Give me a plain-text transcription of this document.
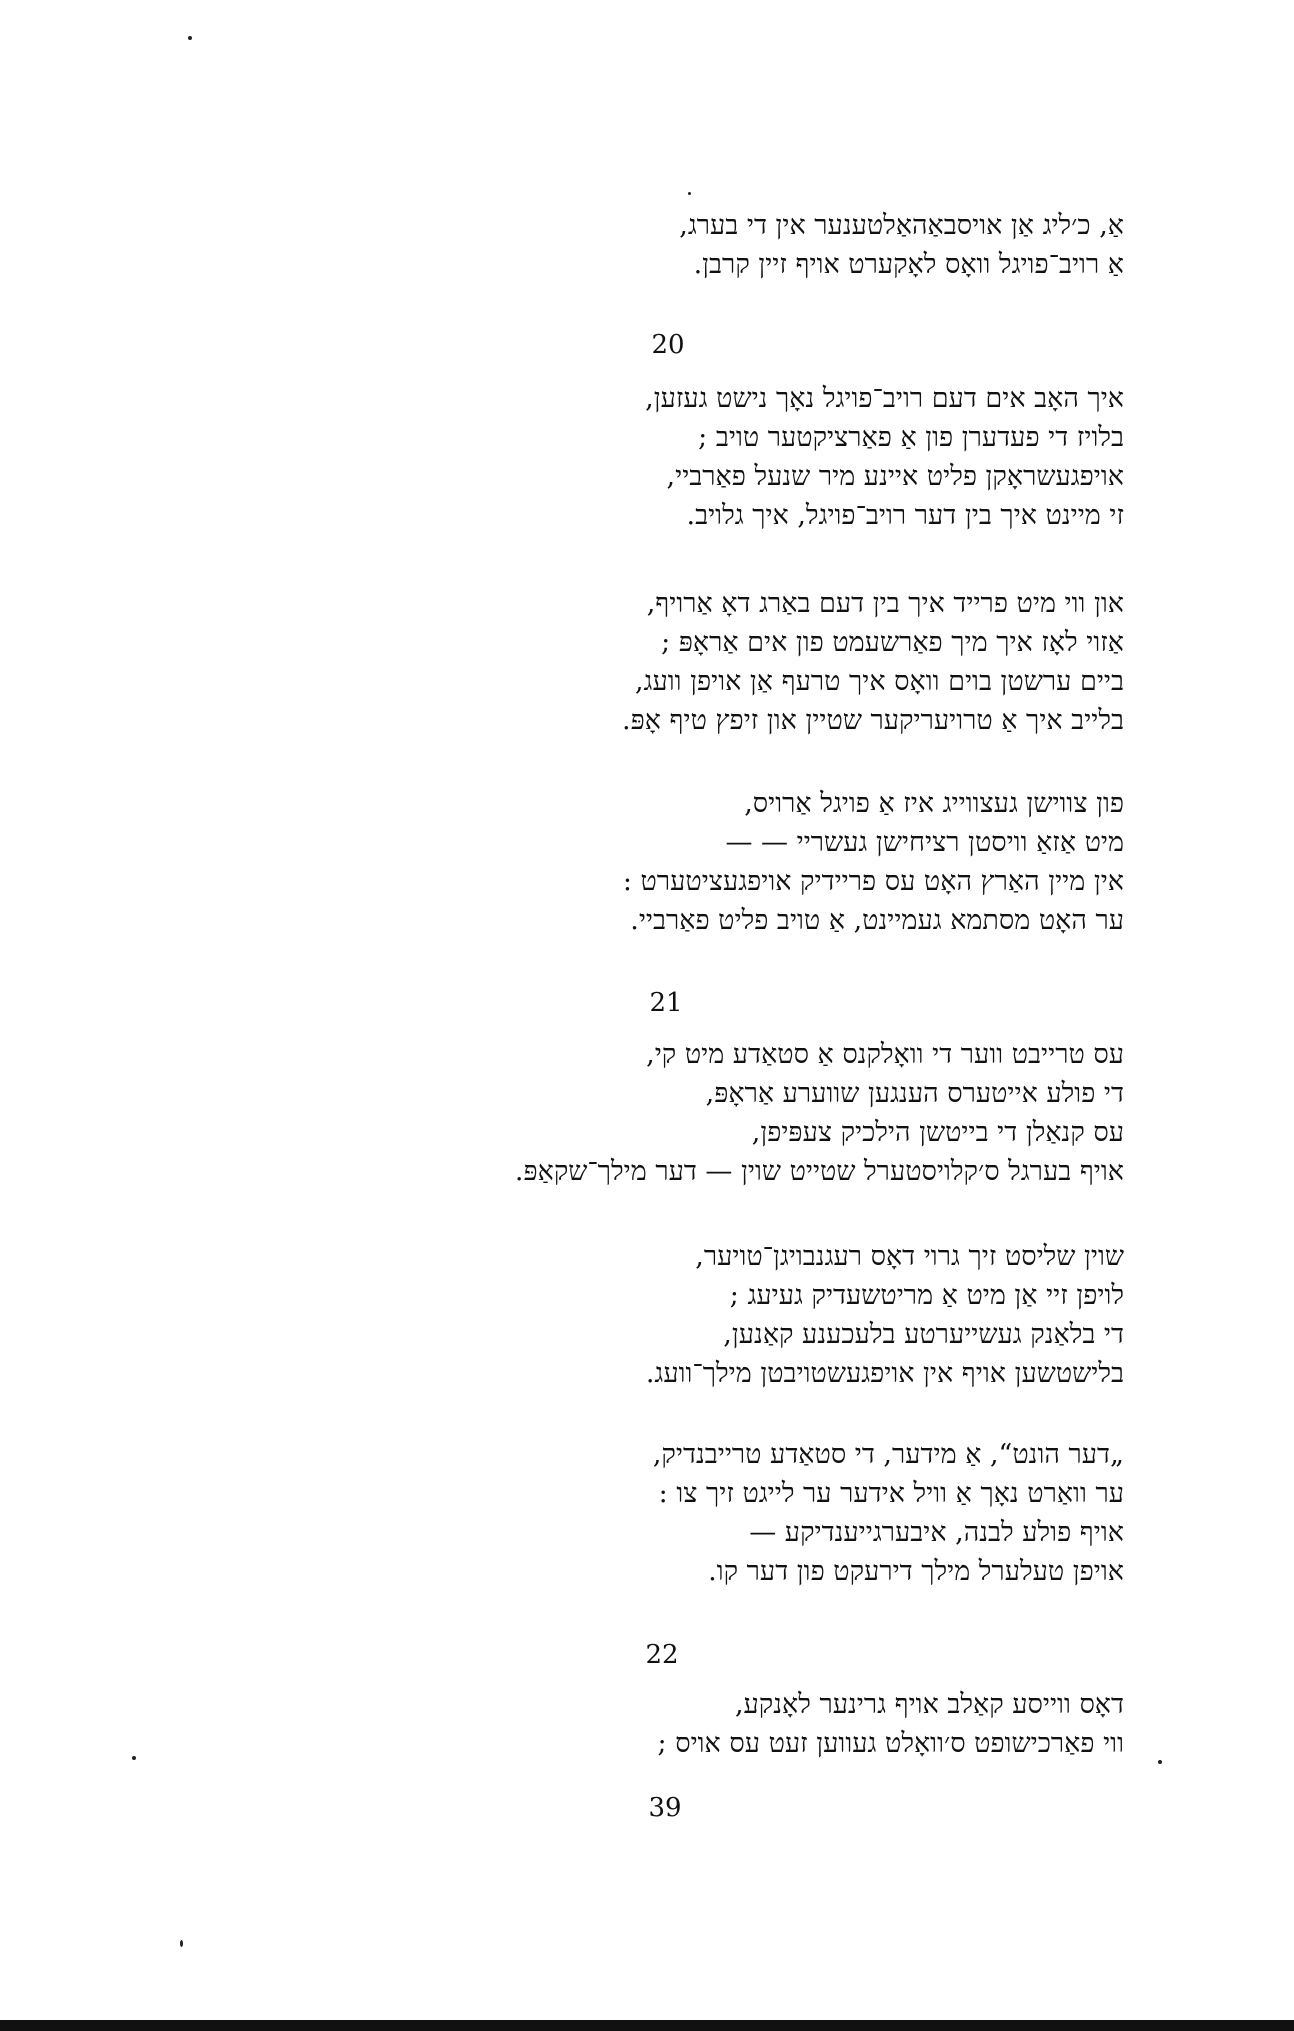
אַ, כ׳ליג אַן אויסבאַהאַלטענער אין די בערג,
אַ רויב־פויגל וואָס לאָקערט אויף זיין קרבן.
20
איך האָב אים דעם רויב־פויגל נאָך נישט געזען,
בלויז די פעדערן פון אַ פאַרציקטער טויב ;
אויפגעשראָקן פליט איינע מיר שנעל פאַרביי,
זי מיינט איך בין דער רויב־פויגל, איך גלויב.
און ווי מיט פרייד איך בין דעם באַרג דאָ אַרויף,
אַזוי לאָז איך מיך פאַרשעמט פון אים אַראָפּ ;
ביים ערשטן בוים וואָס איך טרעף אַן אויפן וועג,
בלייב איך אַ טרויעריקער שטיין און זיפץ טיף אָפּ.
פון צווישן געצווייג איז אַ פויגל אַרויס,
מיט אַזאַ וויסטן רציחישן געשריי — —
אין מיין האַרץ האָט עס פריידיק אויפגעציטערט :
ער האָט מסתמא געמיינט, אַ טויב פליט פאַרביי.
21
עס טרייבט ווער די וואָלקנס אַ סטאַדע מיט קי,
די פולע אייטערס הענגען שווערע אַראָפּ,
עס קנאַלן די בייטשן הילכיק צעפּיפן,
אויף בערגל ס׳קלויסטערל שטייט שוין — דער מילך־שקאַפּ.
שוין שליסט זיך גרוי דאָס רעגנבויגן־טויער,
לויפן זיי אַן מיט אַ מריטשעדיק געיעג ;
די בלאַנק געשייערטע בלעכענע קאַנען,
בלישטשען אויף אין אויפגעשטויבטן מילך־וועג.
„דער הונט“, אַ מידער, די סטאַדע טרייבנדיק,
ער וואַרט נאָך אַ וויל אידער ער לייגט זיך צו :
אויף פולע לבנה, איבערגייענדיקע —
אויפן טעלערל מילך דירעקט פון דער קו.
22
דאָס ווייסע קאַלב אויף גרינער לאָנקע,
ווי פאַרכישופט ס׳וואָלט געווען זעט עס אויס ;
39
